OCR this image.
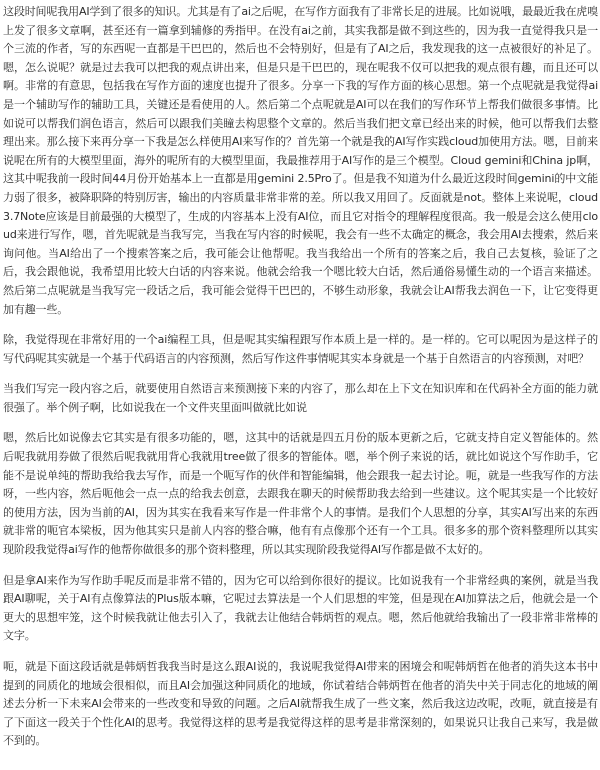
这段时间呢我用AI学到了很多的知识。尤其是有了ai之后呢，在写作方面我有了非常长足的进展。比如说哦，最最近我在虎嗅上发了很多文章啊，甚至还有一篇拿到辅修的秀指甲。在没有ai之前，其实我都是做不到这些的，因为我一直觉得我只是一个三流的作者，写的东西呢一直都是干巴巴的，然后也不会特别好，但是有了AI之后，我发现我的这一点被很好的补足了。嗯，怎么说呢？就是过去我可以把我的观点讲出来，但是只是干巴巴的，现在呢我不仅可以把我的观点很有趣，而且还可以啊。非常的有意思，包括我在写作方面的速度也提升了很多。分享一下我的写作方面的核心思想。第一个点呢就是我觉得ai是一个辅助写作的辅助工具，关键还是看使用的人。然后第二个点呢就是AI可以在我们的写作环节上帮我们做很多事情。比如说可以帮我们润色语言，然后可以跟我们美瞳去构思整个文章的。然后当我们把文章已经出来的时候，他可以帮我们去整理出来。那么接下来再分享一下我是怎么样使用AI来写作的？首先第一个就是我的AI写作实践cloud加使用方法。嗯，目前来说呢在所有的大模型里面，海外的呢所有的大模型里面，我最推荐用于AI写作的是三个模型。Cloud gemini和China jp啊，这其中呢我前一段时间44月份开始基本上一直都是用gemini 2.5Pro了。但是我不知道为什么最近这段时间gemini的中文能力弱了很多，被降职降的特别厉害，输出的内容质量非常非常的差。所以我又用回了。反面就是not。整体上来说呢，cloud 3.7Note应该是目前最强的大模型了，生成的内容基本上没有AI位，而且它对指令的理解程度很高。我一般是会这么使用cloud来进行写作，嗯，首先呢就是当我写完，当我在写内容的时候呢，我会有一些不太确定的概念，我会用AI去搜索，然后来询问他。当AI给出了一个搜索答案之后，我可能会让他帮呢。我当我给出一个所有的答案之后，我自己去复核，验证了之后，我会跟他说，我希望用比较大白话的内容来说。他就会给我一个嗯比较大白话，然后通俗易懂生动的一个语言来描述。然后第二点呢就是当我写完一段话之后，我可能会觉得干巴巴的，不够生动形象，我就会让AI帮我去润色一下，让它变得更加有趣一些。

除，我觉得现在非常好用的一个ai编程工具，但是呢其实编程跟写作本质上是一样的。是一样的。它可以呢因为是这样子的写代码呢其实就是一个基于代码语言的内容预测，然后写作这件事情呢其实本身就是一个基于自然语言的内容预测，对吧？

当我们写完一段内容之后，就要使用自然语言来预测接下来的内容了，那么却在上下文在知识库和在代码补全方面的能力就很强了。举个例子啊，比如说我在一个文件夹里面叫做就比如说

嗯，然后比如说像去它其实是有很多功能的，嗯，这其中的话就是四五月份的版本更新之后，它就支持自定义智能体的。然后呢我就用券做了很然后呢我就用背心我就用tree做了很多的智能体。嗯，举个例子来说的话，就比如说这个写作助手，它能不是说单纯的帮助我给我去写作，而是一个呃写作的伙伴和智能编辑，他会跟我一起去讨论。呃，就是一些我写作的方法呀，一些内容，然后呃他会一点一点的给我去创意，去跟我在聊天的时候帮助我去给到一些建议。这个呢其实是一个比较好的使用方法，因为当前的AI，因为其实在我看来写作是一件非常个人的事情。是我们个人思想的分享，其实AI写出来的东西就非常的呃官本梁板，因为他其实只是前人内容的整合嘛，他有有点像那个还有一个工具。很多多的那个资料整理所以其实现阶段我觉得ai写作的他帮你做很多的那个资料整理，所以其实现阶段我觉得AI写作都是做不太好的。

但是拿AI来作为写作助手呢反而是非常不错的，因为它可以给到你很好的提议。比如说我有一个非常经典的案例，就是当我跟AI聊呢，关于AI有点像算法的Plus版本嘛，它呢过去算法是一个人们思想的牢笼，但是现在AI加算法之后，他就会是一个更大的思想牢笼，这个时候我就让他去引入了，我就去让他结合韩炳哲的观点。嗯，然后他就给我输出了一段非常非常棒的文字。

呃，就是下面这段话就是韩炳哲我我当时是这么跟AI说的，我说呢我觉得AI带来的困境会和呢韩炳哲在他者的消失这本书中提到的同质化的地域会很相似，而且AI会加强这种同质化的地域，你试着结合韩炳哲在他者的消失中关于同志化的地域的阐述去分析一下未来AI会带来的一些改变和导致的问题。之后AI就帮我生成了一些文案，然后我这边改呢，改呃，就直接是有了下面这一段关于个性化AI的思考。我觉得这样的思考是我觉得这样的思考是非常深刻的，如果说只让我自己来写，我是做不到的。
